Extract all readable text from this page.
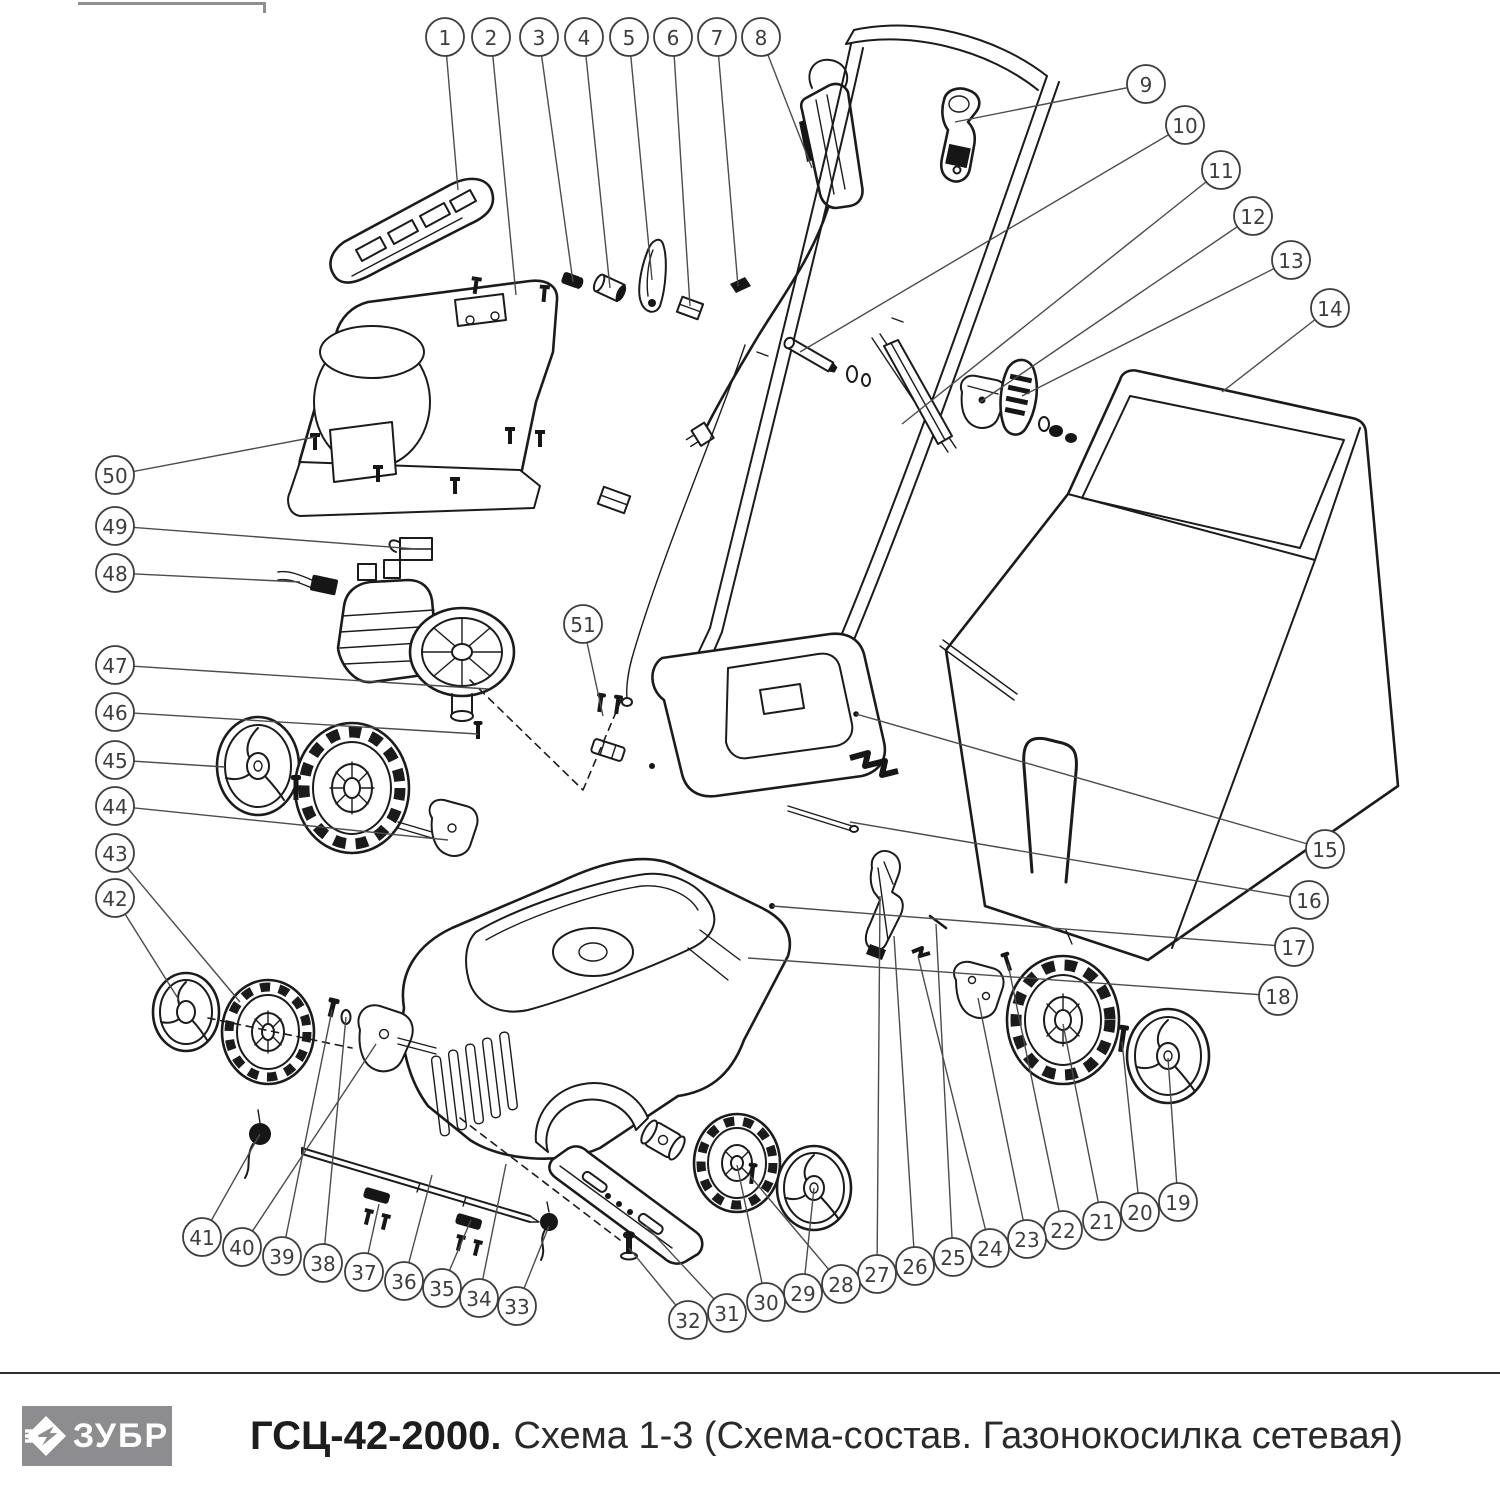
1 2 3 4 5 6 7 8
9
10
11
12
13
14
15
16
17
18
19
20
21
22
23
24
25
26
27
28
29
30
31
32
33
34
35
36
37
38
39
40
41
42
43
44
45
46
47
48
49
50
51
ЗУБР ГСЦ-42-2000. Схема 1-3 (Схема-состав. Газонокосилка сетевая)
